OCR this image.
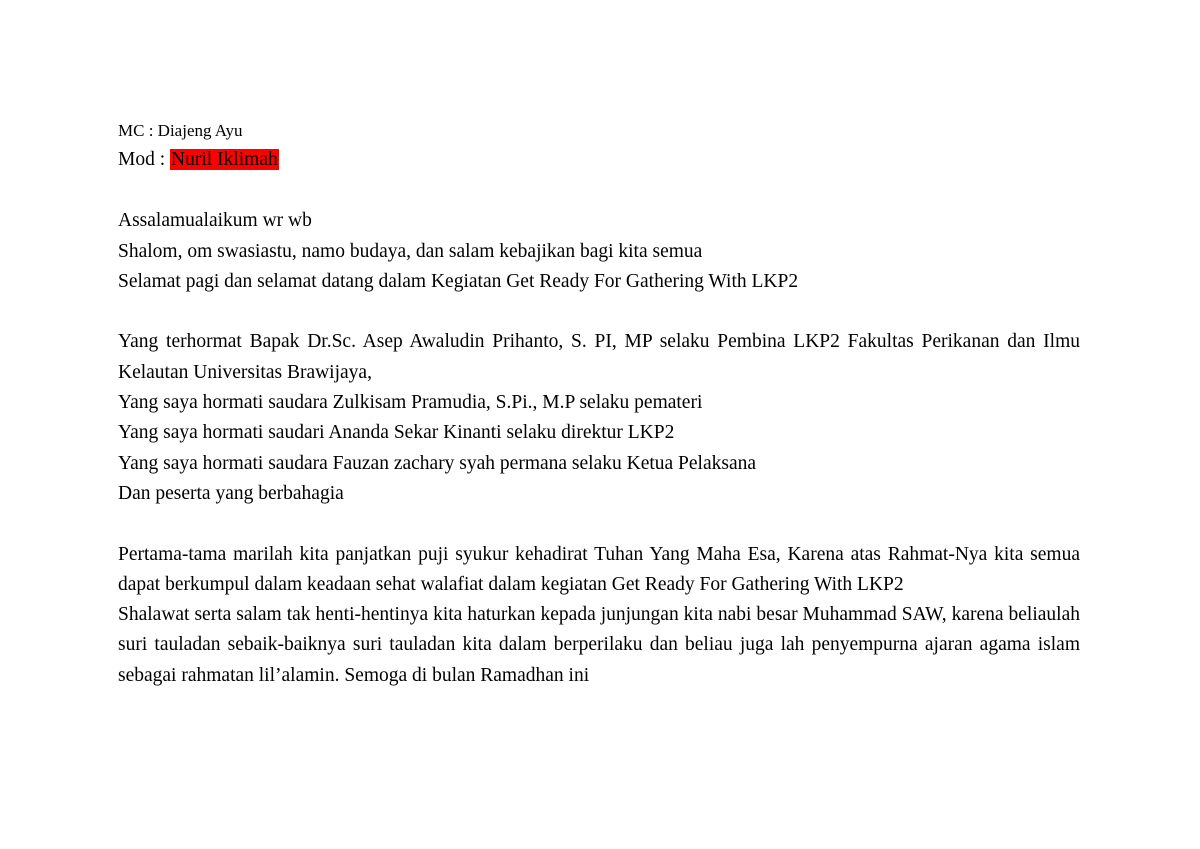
MC : Diajeng Ayu

Mod : Nuril Iklimah

Assalamualaikum wr wb

Shalom, om swasiastu, namo budaya, dan salam kebajikan bagi kita semua

Selamat pagi dan selamat datang dalam Kegiatan Get Ready For Gathering With LKP2

Yang terhormat Bapak Dr.Sc. Asep Awaludin Prihanto, S. PI, MP selaku Pembina LKP2 Fakultas Perikanan dan Ilmu Kelautan Universitas Brawijaya,

Yang saya hormati saudara Zulkisam Pramudia, S.Pi., M.P selaku pemateri

Yang saya hormati saudari Ananda Sekar Kinanti selaku direktur LKP2

Yang saya hormati saudara Fauzan zachary syah permana selaku Ketua Pelaksana

Dan peserta yang berbahagia

Pertama-tama marilah kita panjatkan puji syukur kehadirat Tuhan Yang Maha Esa, Karena atas Rahmat-Nya kita semua dapat berkumpul dalam keadaan sehat walafiat dalam kegiatan Get Ready For Gathering With LKP2

Shalawat serta salam tak henti-hentinya kita haturkan kepada junjungan kita nabi besar Muhammad SAW, karena beliaulah suri tauladan sebaik-baiknya suri tauladan kita dalam berperilaku dan beliau juga lah penyempurna ajaran agama islam sebagai rahmatan lil’alamin. Semoga di bulan Ramadhan ini
